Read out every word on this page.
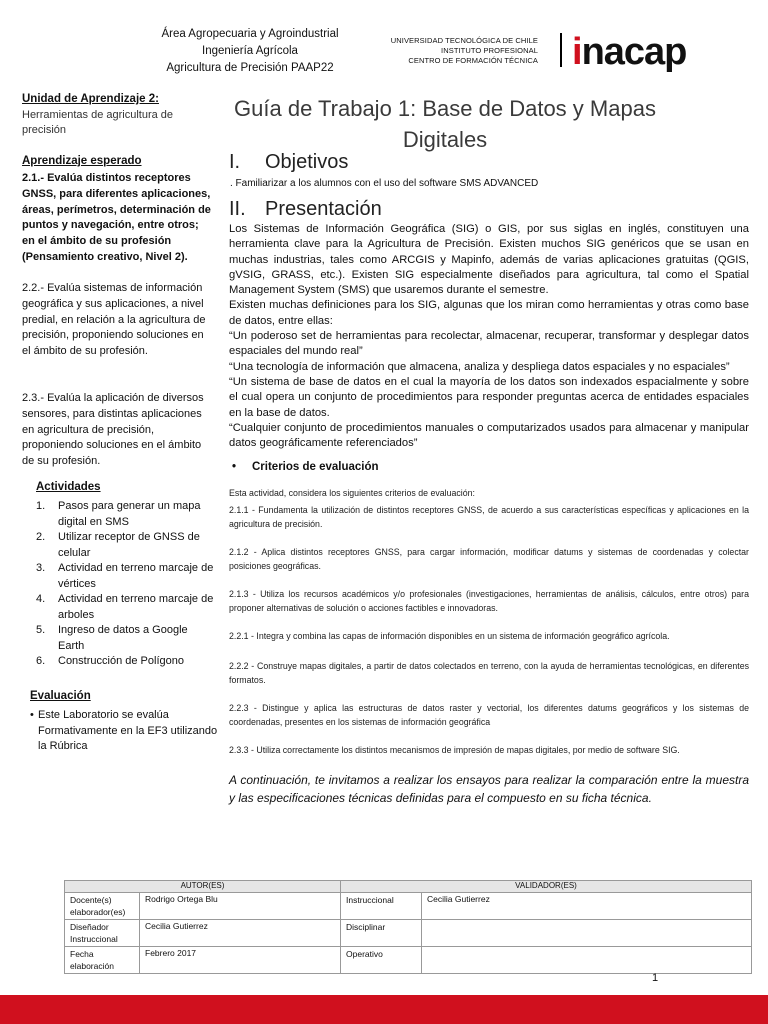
Área Agropecuaria y Agroindustrial
Ingeniería Agrícola
Agricultura de Precisión PAAP22
UNIVERSIDAD TECNOLÓGICA DE CHILE
INSTITUTO PROFESIONAL
CENTRO DE FORMACIÓN TÉCNICA inacap
Unidad de Aprendizaje 2:
Herramientas de agricultura de precisión
Aprendizaje esperado
2.1.- Evalúa distintos receptores GNSS, para diferentes aplicaciones, áreas, perímetros, determinación de puntos y navegación, entre otros; en el ámbito de su profesión (Pensamiento creativo, Nivel 2).
2.2.- Evalúa sistemas de información geográfica y sus aplicaciones, a nivel predial, en relación a la agricultura de precisión, proponiendo soluciones en el ámbito de su profesión.
2.3.- Evalúa la aplicación de diversos sensores, para distintas aplicaciones en agricultura de precisión, proponiendo soluciones en el ámbito de su profesión.
Actividades
1.	Pasos para generar un mapa digital en SMS
2.	Utilizar receptor de GNSS de celular
3.	Actividad en terreno marcaje de vértices
4.	Actividad en terreno marcaje de arboles
5.	Ingreso de datos a Google Earth
6.	Construcción de Polígono
Evaluación
• Este Laboratorio se evalúa Formativamente en la EF3 utilizando la Rúbrica
Guía de Trabajo 1: Base de Datos y Mapas Digitales
I. Objetivos
. Familiarizar a los alumnos con el uso del software SMS ADVANCED
II. Presentación

Los Sistemas de Información Geográfica (SIG) o GIS, por sus siglas en inglés, constituyen una herramienta clave para la Agricultura de Precisión. Existen muchos SIG genéricos que se usan en muchas industrias, tales como ARCGIS y Mapinfo, además de varias aplicaciones gratuitas (QGIS, gVSIG, GRASS, etc.). Existen SIG especialmente diseñados para agricultura, tal como el Spatial Management System (SMS) que usaremos durante el semestre.

Existen muchas definiciones para los SIG, algunas que los miran como herramientas y otras como base de datos, entre ellas:

“Un poderoso set de herramientas para recolectar, almacenar, recuperar, transformar y desplegar datos espaciales del mundo real”

“Una tecnología de información que almacena, analiza y despliega datos espaciales y no espaciales”

“Un sistema de base de datos en el cual la mayoría de los datos son indexados espacialmente y sobre el cual opera un conjunto de procedimientos para responder preguntas acerca de entidades espaciales en la base de datos.

“Cualquier conjunto de procedimientos manuales o computarizados usados para almacenar y manipular datos geográficamente referenciados”

• Criterios de evaluación
Esta actividad, considera los siguientes criterios de evaluación:
2.1.1 - Fundamenta la utilización de distintos receptores GNSS, de acuerdo a sus características específicas y aplicaciones en la agricultura de precisión.
2.1.2 - Aplica distintos receptores GNSS, para cargar información, modificar datums y sistemas de coordenadas y colectar posiciones geográficas.
2.1.3 - Utiliza los recursos académicos y/o profesionales (investigaciones, herramientas de análisis, cálculos, entre otros) para proponer alternativas de solución o acciones factibles e innovadoras.
2.2.1 - Integra y combina las capas de información disponibles en un sistema de información geográfico agrícola.
2.2.2 - Construye mapas digitales, a partir de datos colectados en terreno, con la ayuda de herramientas tecnológicas, en diferentes formatos.
2.2.3 - Distingue y aplica las estructuras de datos raster y vectorial, los diferentes datums geográficos y los sistemas de coordenadas, presentes en los sistemas de información geográfica
2.3.3 - Utiliza correctamente los distintos mecanismos de impresión de mapas digitales, por medio de software SIG.
A continuación, te invitamos a realizar los ensayos para realizar la comparación entre la muestra y las especificaciones técnicas definidas para el compuesto en su ficha técnica.
AUTOR(ES)		VALIDADOR(ES)	
Docente(s) elaborador(es)	Rodrigo Ortega Blu	Instruccional	Cecilia Gutierrez
Diseñador Instruccional	Cecilia Gutierrez	Disciplinar	
Fecha elaboración	Febrero 2017	Operativo	
1
